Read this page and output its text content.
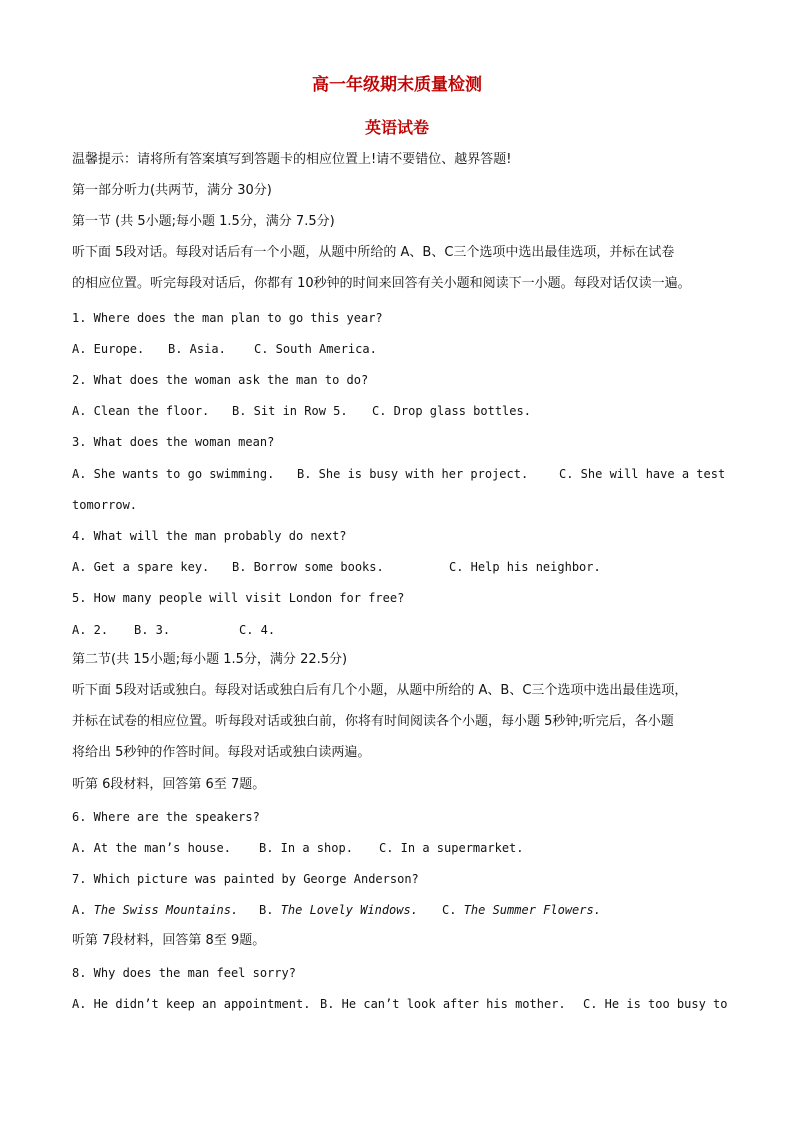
高一年级期末质量检测
英语试卷
温馨提示：请将所有答案填写到答题卡的相应位置上!请不要错位、越界答题!
第一部分听力(共两节，满分 30分)
第一节 (共 5小题;每小题 1.5分，满分 7.5分)
听下面 5段对话。每段对话后有一个小题，从题中所给的 A、B、C三个选项中选出最佳选项，并标在试卷
的相应位置。听完每段对话后，你都有 10秒钟的时间来回答有关小题和阅读下一小题。每段对话仅读一遍。
1. Where does the man plan to go this year?
A. Europe. B. Asia. C. South America.
2. What does the woman ask the man to do?
A. Clean the floor. B. Sit in Row 5. C. Drop glass bottles.
3. What does the woman mean?
A. She wants to go swimming. B. She is busy with her project.	C. She will have a test
tomorrow.
4. What will the man probably do next?
A. Get a spare key. B. Borrow some books.	C. Help his neighbor.
5. How many people will visit London for free?
A. 2. B. 3.	C. 4.
第二节(共 15小题;每小题 1.5分，满分 22.5分)
听下面 5段对话或独白。每段对话或独白后有几个小题，从题中所给的 A、B、C三个选项中选出最佳选项，
并标在试卷的相应位置。听每段对话或独白前，你将有时间阅读各个小题，每小题 5秒钟;听完后，各小题
将给出 5秒钟的作答时间。每段对话或独白读两遍。
听第 6段材料，回答第 6至 7题。
6. Where are the speakers?
A. At the man’s house. B. In a shop. C. In a supermarket.
7. Which picture was painted by George Anderson?
A. The Swiss Mountains. B. The Lovely Windows. C. The Summer Flowers.
听第 7段材料，回答第 8至 9题。
8. Why does the man feel sorry?
A. He didn’t keep an appointment. B. He can’t look after his mother. C. He is too busy to
